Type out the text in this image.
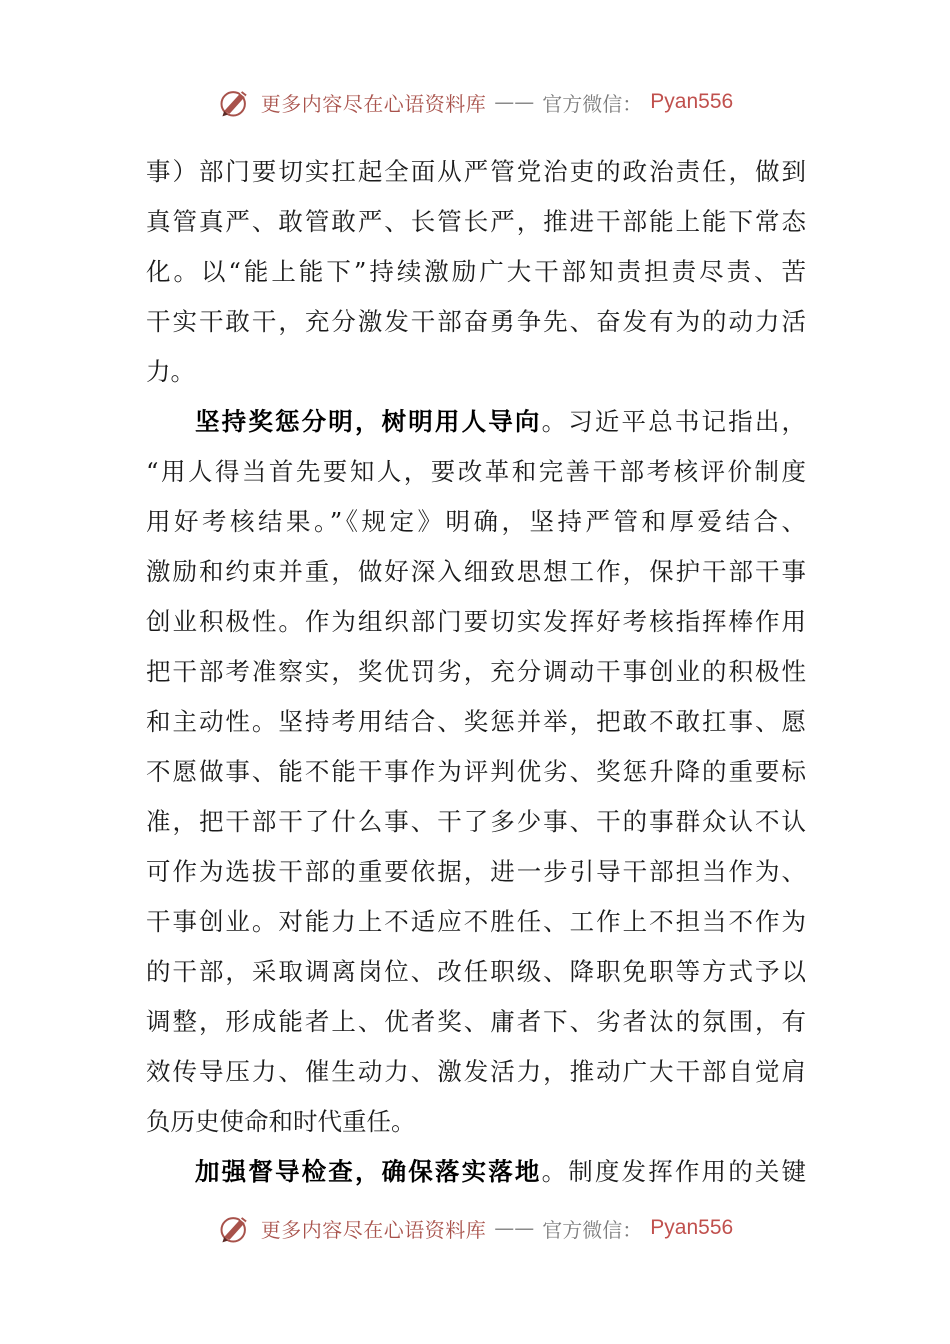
更多内容尽在心语资料库 —— 官方微信： Pyan556
事）部门要切实扛起全面从严管党治吏的政治责任，做到
真管真严、敢管敢严、长管长严，推进干部能上能下常态
化。以“能上能下”持续激励广大干部知责担责尽责、苦
干实干敢干，充分激发干部奋勇争先、奋发有为的动力活
力。
坚持奖惩分明，树明用人导向。习近平总书记指出，
“用人得当首先要知人，要改革和完善干部考核评价制度
用好考核结果。”《规定》明确，坚持严管和厚爱结合、
激励和约束并重，做好深入细致思想工作，保护干部干事
创业积极性。作为组织部门要切实发挥好考核指挥棒作用
把干部考准察实，奖优罚劣，充分调动干事创业的积极性
和主动性。坚持考用结合、奖惩并举，把敢不敢扛事、愿
不愿做事、能不能干事作为评判优劣、奖惩升降的重要标
准，把干部干了什么事、干了多少事、干的事群众认不认
可作为选拔干部的重要依据，进一步引导干部担当作为、
干事创业。对能力上不适应不胜任、工作上不担当不作为
的干部，采取调离岗位、改任职级、降职免职等方式予以
调整，形成能者上、优者奖、庸者下、劣者汰的氛围，有
效传导压力、催生动力、激发活力，推动广大干部自觉肩
负历史使命和时代重任。
加强督导检查，确保落实落地。制度发挥作用的关键
更多内容尽在心语资料库 —— 官方微信： Pyan556
